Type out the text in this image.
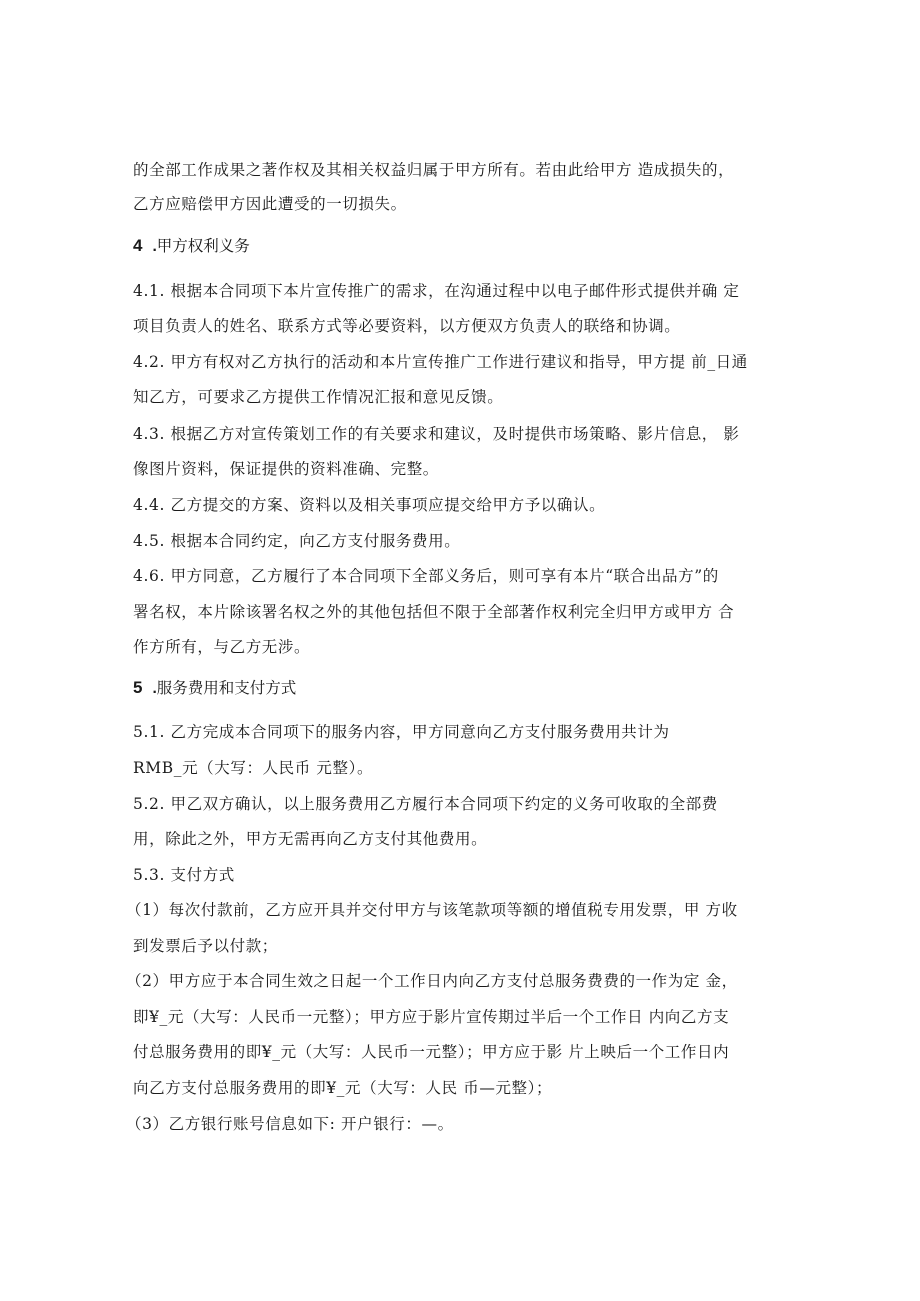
的全部工作成果之著作权及其相关权益归属于甲方所有。若由此给甲方 造成损失的，
乙方应赔偿甲方因此遭受的一切损失。
4 .甲方权利义务
4.1. 根据本合同项下本片宣传推广的需求，在沟通过程中以电子邮件形式提供并确 定
项目负责人的姓名、联系方式等必要资料，以方便双方负责人的联络和协调。
4.2. 甲方有权对乙方执行的活动和本片宣传推广工作进行建议和指导，甲方提 前_日通
知乙方，可要求乙方提供工作情况汇报和意见反馈。
4.3. 根据乙方对宣传策划工作的有关要求和建议，及时提供市场策略、影片信息， 影
像图片资料，保证提供的资料准确、完整。
4.4. 乙方提交的方案、资料以及相关事项应提交给甲方予以确认。
4.5. 根据本合同约定，向乙方支付服务费用。
4.6. 甲方同意，乙方履行了本合同项下全部义务后，则可享有本片“联合出品方”的
署名权，本片除该署名权之外的其他包括但不限于全部著作权利完全归甲方或甲方 合
作方所有，与乙方无涉。
5 .服务费用和支付方式
5.1. 乙方完成本合同项下的服务内容，甲方同意向乙方支付服务费用共计为
RMB_元（大写：人民币 元整）。
5.2. 甲乙双方确认，以上服务费用乙方履行本合同项下约定的义务可收取的全部费
用，除此之外，甲方无需再向乙方支付其他费用。
5.3. 支付方式
（1）每次付款前，乙方应开具并交付甲方与该笔款项等额的增值税专用发票，甲 方收
到发票后予以付款；
（2）甲方应于本合同生效之日起一个工作日内向乙方支付总服务费费的一作为定 金，
即¥_元（大写：人民币一元整）；甲方应于影片宣传期过半后一个工作日 内向乙方支
付总服务费用的即¥_元（大写：人民币一元整）；甲方应于影 片上映后一个工作日内
向乙方支付总服务费用的即¥_元（大写：人民 币—元整）；
（3）乙方银行账号信息如下: 开户银行：—。
